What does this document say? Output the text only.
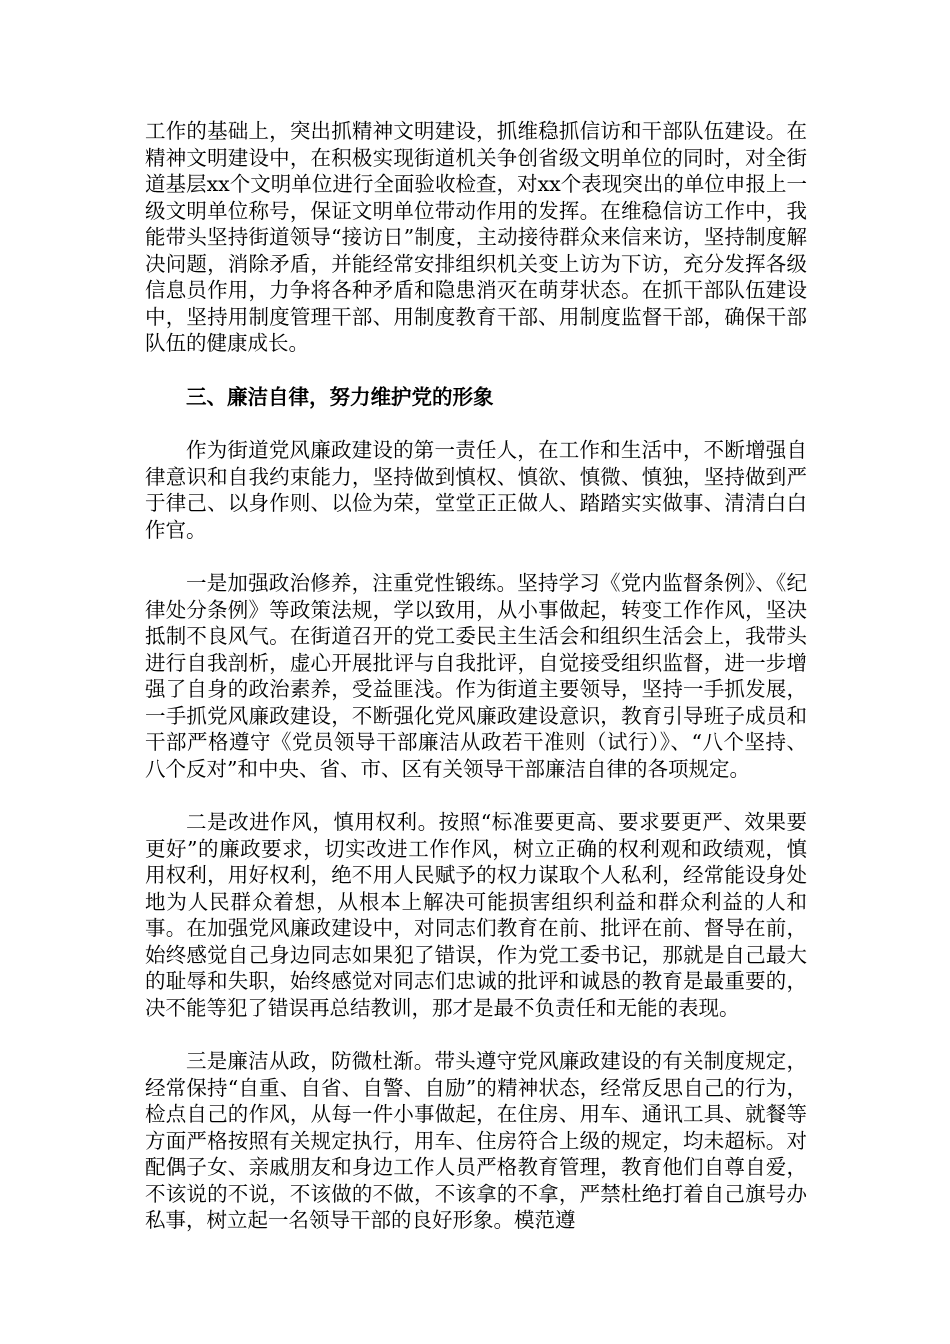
工作的基础上，突出抓精神文明建设，抓维稳抓信访和干部队伍建设。在精神文明建设中，在积极实现街道机关争创省级文明单位的同时，对全街道基层xx个文明单位进行全面验收检查，对xx个表现突出的单位申报上一级文明单位称号，保证文明单位带动作用的发挥。在维稳信访工作中，我能带头坚持街道领导“接访日”制度，主动接待群众来信来访，坚持制度解决问题，消除矛盾，并能经常安排组织机关变上访为下访，充分发挥各级信息员作用，力争将各种矛盾和隐患消灭在萌芽状态。在抓干部队伍建设中，坚持用制度管理干部、用制度教育干部、用制度监督干部，确保干部队伍的健康成长。

三、廉洁自律，努力维护党的形象

作为街道党风廉政建设的第一责任人，在工作和生活中，不断增强自律意识和自我约束能力，坚持做到慎权、慎欲、慎微、慎独，坚持做到严于律己、以身作则、以俭为荣，堂堂正正做人、踏踏实实做事、清清白白作官。

一是加强政治修养，注重党性锻练。坚持学习《党内监督条例》、《纪律处分条例》等政策法规，学以致用，从小事做起，转变工作作风，坚决抵制不良风气。在街道召开的党工委民主生活会和组织生活会上，我带头进行自我剖析，虚心开展批评与自我批评，自觉接受组织监督，进一步增强了自身的政治素养，受益匪浅。作为街道主要领导，坚持一手抓发展，一手抓党风廉政建设，不断强化党风廉政建设意识，教育引导班子成员和干部严格遵守《党员领导干部廉洁从政若干准则（试行）》、“八个坚持、八个反对”和中央、省、市、区有关领导干部廉洁自律的各项规定。

二是改进作风，慎用权利。按照“标准要更高、要求要更严、效果要更好”的廉政要求，切实改进工作作风，树立正确的权利观和政绩观，慎用权利，用好权利，绝不用人民赋予的权力谋取个人私利，经常能设身处地为人民群众着想，从根本上解决可能损害组织利益和群众利益的人和事。在加强党风廉政建设中，对同志们教育在前、批评在前、督导在前，始终感觉自己身边同志如果犯了错误，作为党工委书记，那就是自己最大的耻辱和失职，始终感觉对同志们忠诚的批评和诚恳的教育是最重要的，决不能等犯了错误再总结教训，那才是最不负责任和无能的表现。

三是廉洁从政，防微杜渐。带头遵守党风廉政建设的有关制度规定，经常保持“自重、自省、自警、自励”的精神状态，经常反思自己的行为，检点自己的作风，从每一件小事做起，在住房、用车、通讯工具、就餐等方面严格按照有关规定执行，用车、住房符合上级的规定，均未超标。对配偶子女、亲戚朋友和身边工作人员严格教育管理，教育他们自尊自爱，不该说的不说，不该做的不做，不该拿的不拿，严禁杜绝打着自己旗号办私事，树立起一名领导干部的良好形象。模范遵
